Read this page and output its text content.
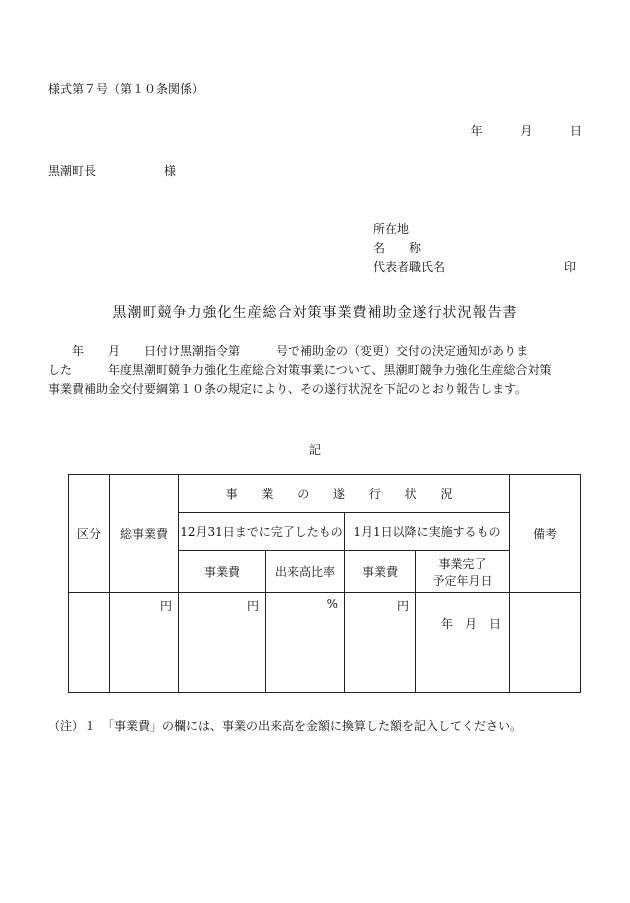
様式第７号（第１０条関係）
年	月	日
黒潮町長	様
所在地
名　　称
代表者職氏名	印
黒潮町競争力強化生産総合対策事業費補助金遂行状況報告書
　　年　　月　　日付け黒潮指令第　　　号で補助金の（変更）交付の決定通知がありま
した　　　年度黒潮町競争力強化生産総合対策事業について、黒潮町競争力強化生産総合対策
事業費補助金交付要綱第１０条の規定により、その遂行状況を下記のとおり報告します。
記
区分	総事業費	事 業 の 遂 行 状 況				備考
		12月31日までに完了したもの		1月1日以降に実施するもの		
		事業費	出来高比率	事業費	事業完了
予定年月日	

	円	円	%	円	年　月　日	
（注）１　「事業費」の欄には、事業の出来高を金額に換算した額を記入してください。
